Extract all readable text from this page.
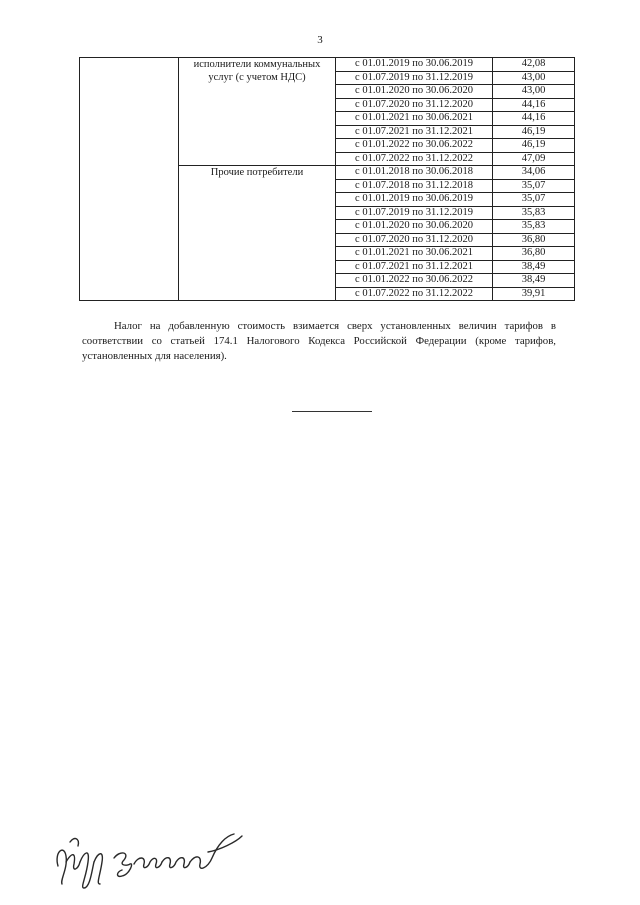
3
	исполнители коммунальных услуг (с учетом НДС)	с 01.01.2019 по 30.06.2019	42,08
		с 01.07.2019 по 31.12.2019	43,00
		с 01.01.2020 по 30.06.2020	43,00
		с 01.07.2020 по 31.12.2020	44,16
		с 01.01.2021 по 30.06.2021	44,16
		с 01.07.2021 по 31.12.2021	46,19
		с 01.01.2022 по 30.06.2022	46,19
		с 01.07.2022 по 31.12.2022	47,09
	Прочие потребители	с 01.01.2018 по 30.06.2018	34,06
		с 01.07.2018 по 31.12.2018	35,07
		с 01.01.2019 по 30.06.2019	35,07
		с 01.07.2019 по 31.12.2019	35,83
		с 01.01.2020 по 30.06.2020	35,83
		с 01.07.2020 по 31.12.2020	36,80
		с 01.01.2021 по 30.06.2021	36,80
		с 01.07.2021 по 31.12.2021	38,49
		с 01.01.2022 по 30.06.2022	38,49
		с 01.07.2022 по 31.12.2022	39,91
Налог на добавленную стоимость взимается сверх установленных величин тарифов в соответствии со статьей 174.1 Налогового Кодекса Российской Федерации (кроме тарифов, установленных для населения).
